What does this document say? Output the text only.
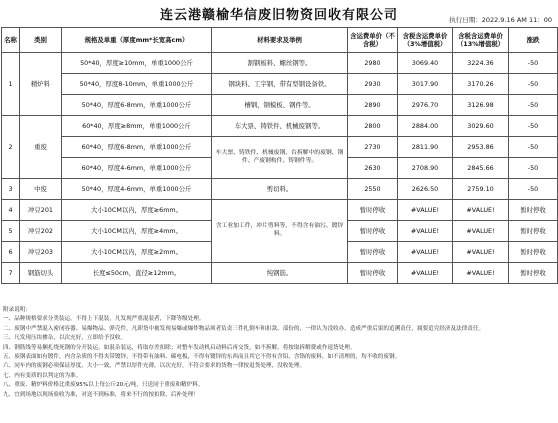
连云港赣榆华信废旧物资回收有限公司	执行日期：2022.9.16 AM 11：00
名称	类别	规格及单重（厚度mm*长宽高cm）	材料要求及举例	含运费单价（不含税）	含税含运费单价（3%增值税）	含税含运费单价（13%增值税）	涨跌
1	精炉料	50*40，厚度≥10mm，单重1000公斤	割钢板料、螺丝钢等。	2980	3069.40	3224.36	-50
		50*40，厚度8-10mm，单重1000公斤	钢块料、工字钢、带有型钢设备铁。	2930	3017.90	3170.26	-50
		50*40，厚度6-8mm，单重1000公斤	槽钢、钢模板、钢件等。	2890	2976.70	3126.98	-50
2	重废	60*40，厚度≥8mm，单重1000公斤	车大票、铸铁件、机械废钢等。	2800	2884.00	3029.60	-50
		60*40，厚度6-8mm，单重1000公斤	车大票、铸铁件、机械废钢、台拆解中的废钢、钢件、产废钢构件、铸钢件等。	2730	2811.90	2953.86	-50
		60*40，厚度4-6mm，单重1000公斤		2630	2708.90	2845.66	-50
3	中废	50*40，厚度4-6mm，单重1000公斤	剪切料。	2550	2626.50	2759.10	-50
4	冲豆201	大小10CM以内，厚度≥6mm。	含工业加工件，冲片剪料等，不得含有油污、镀锌料。	暂时停收	#VALUE!	#VALUE!	暂时停收
5	冲豆202	大小10CM以内，厚度≥4mm。		暂时停收	#VALUE!	#VALUE!	暂时停收
6	冲豆203	大小10CM以内，厚度≥2mm。		暂时停收	#VALUE!	#VALUE!	暂时停收
7	钢筋切头	长度≤50cm，直径≥12mm。	纯钢筋。	暂时停收	#VALUE!	#VALUE!	暂时停收
附录说明：
一、品种规格要求分类装运，不得上下混装，凡发现严重混装者，下降等级处理。
二、废钢中严禁混入密闭容器、易爆物品、弹壳件，凡卸货中被发现易爆或爆炸物品须者负责三件扎倒车和扣款，部份的，一律认为没收办，造成严重后果的追溯责任，属要追究经济及法律责任。
三、凡发现压块掺杂，以次充好，立即给予没收。
四、钢筋线等易捆扎绕死钢的分开装运，如混杂装运，将取存差扣除；对整车发动机启动料后再交货，如不拆解，将按取拆解费或作退货处理。
五、废钢表面如有镀件，内含杂质的不得夹带镀锌、不得带有油料、碳电板，不得有镀锌的东西而且其它不得有含铅、含铬的废料，如不清理的，均不收的废钢。
六、同车内的废钢必须保证厚度、大小一致，严禁以厚件充薄，以次充好，不符合要求的货物一律按退货处理，没收处理。
七、内有变质的以判定的为准。
八、重废、精炉料价格比重废95%以上每公斤20元/吨，只送同于重废和精炉料。
九、宜到场地以现场验收为准，对送不到标准，将来不行的按扣除，后补处理！
